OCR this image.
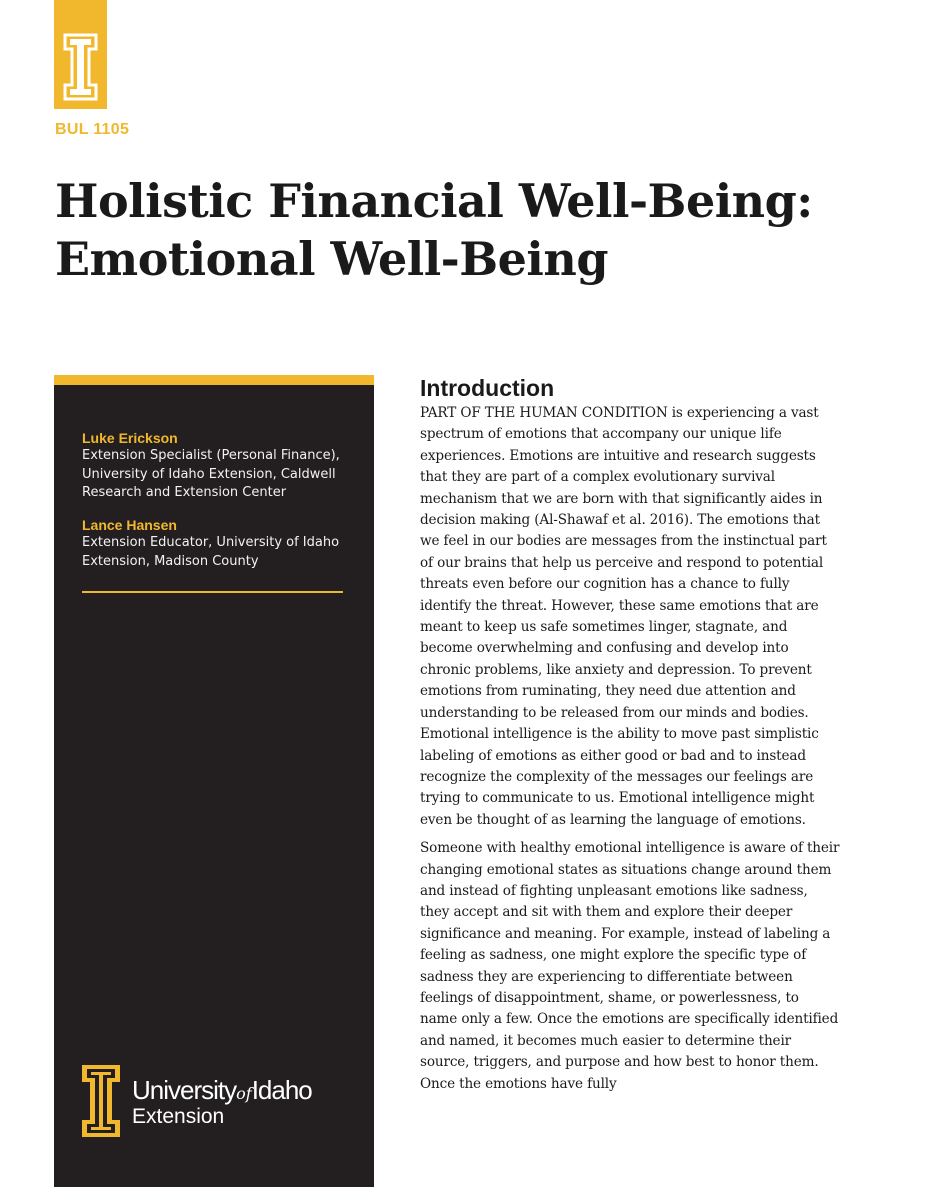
BUL 1105
Holistic Financial Well-Being:
Emotional Well-Being
Luke Erickson
Extension Specialist (Personal Finance), University of Idaho Extension, Caldwell Research and Extension Center
Lance Hansen
Extension Educator, University of Idaho Extension, Madison County
UniversityofIdaho
Extension
Introduction

PART OF THE HUMAN CONDITION is experiencing a vast spectrum of emotions that accompany our unique life experiences. Emotions are intuitive and research suggests that they are part of a complex evolutionary survival mechanism that we are born with that significantly aides in decision making (Al-Shawaf et al. 2016). The emotions that we feel in our bodies are messages from the instinctual part of our brains that help us perceive and respond to potential threats even before our cognition has a chance to fully identify the threat. However, these same emotions that are meant to keep us safe sometimes linger, stagnate, and become overwhelming and confusing and develop into chronic problems, like anxiety and depression. To prevent emotions from ruminating, they need due attention and understanding to be released from our minds and bodies. Emotional intelligence is the ability to move past simplistic labeling of emotions as either good or bad and to instead recognize the complexity of the messages our feelings are trying to communicate to us. Emotional intelligence might even be thought of as learning the language of emotions.

Someone with healthy emotional intelligence is aware of their changing emotional states as situations change around them and instead of fighting unpleasant emotions like sadness, they accept and sit with them and explore their deeper significance and meaning. For example, instead of labeling a feeling as sadness, one might explore the specific type of sadness they are experiencing to differentiate between feelings of disappointment, shame, or powerlessness, to name only a few. Once the emotions are specifically identified and named, it becomes much easier to determine their source, triggers, and purpose and how best to honor them. Once the emotions have fully
